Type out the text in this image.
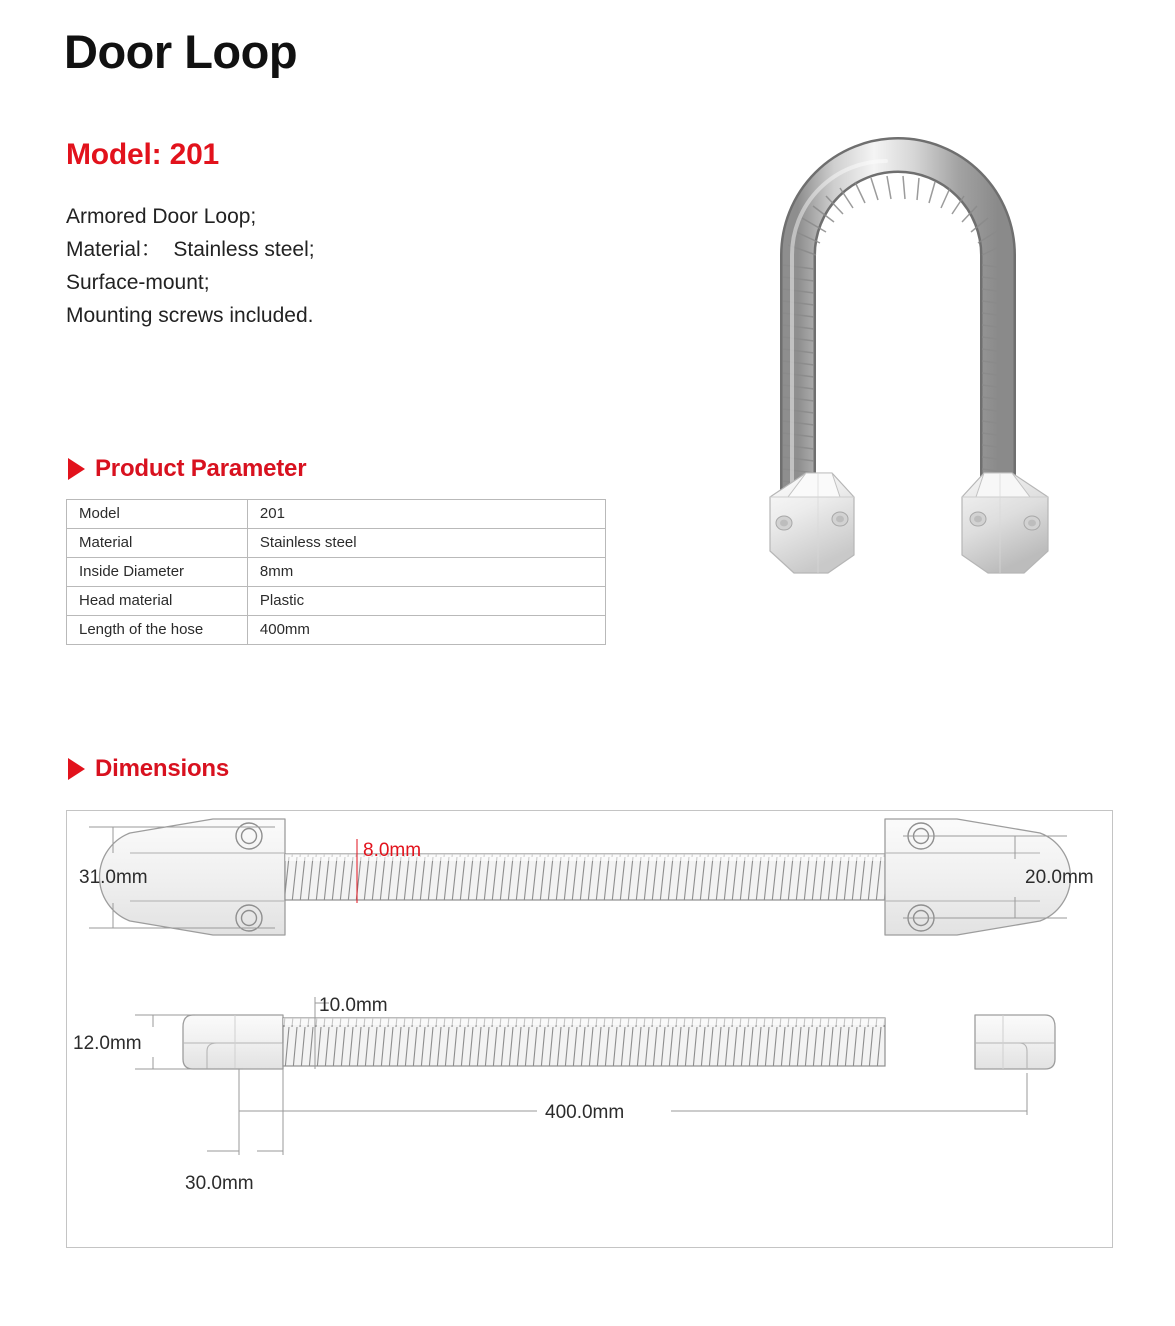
Door Loop
Model: 201
Armored Door Loop;
Material：  Stainless steel;
Surface-mount;
Mounting screws included.
Product Parameter
Model	201
Material	Stainless steel
Inside Diameter	8mm
Head material	Plastic
Length of the hose	400mm
Dimensions
31.0mm
8.0mm
20.0mm
12.0mm
10.0mm
400.0mm
30.0mm
